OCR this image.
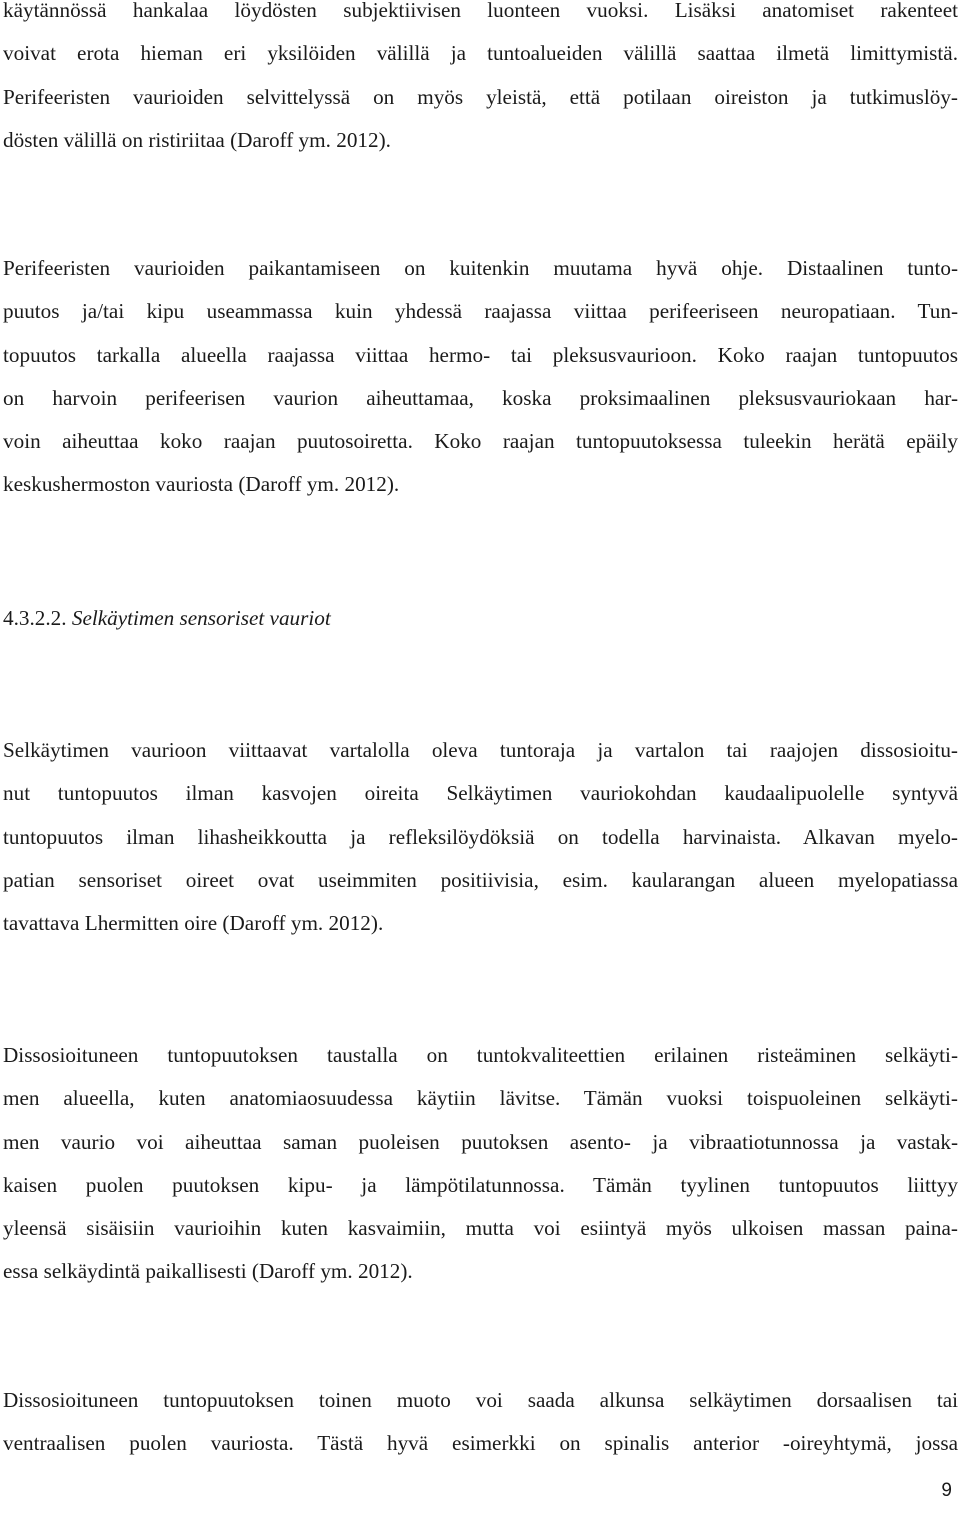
käytännössä hankalaa löydösten subjektiivisen luonteen vuoksi. Lisäksi anatomiset rakenteet
voivat erota hieman eri yksilöiden välillä ja tuntoalueiden välillä saattaa ilmetä limittymistä.
Perifeeristen vaurioiden selvittelyssä on myös yleistä, että potilaan oireiston ja tutkimuslöy-
dösten välillä on ristiriitaa (Daroff ym. 2012).
Perifeeristen vaurioiden paikantamiseen on kuitenkin muutama hyvä ohje. Distaalinen tunto-
puutos ja/tai kipu useammassa kuin yhdessä raajassa viittaa perifeeriseen neuropatiaan. Tun-
topuutos tarkalla alueella raajassa viittaa hermo- tai pleksusvaurioon. Koko raajan tuntopuutos
on harvoin perifeerisen vaurion aiheuttamaa, koska proksimaalinen pleksusvauriokaan har-
voin aiheuttaa koko raajan puutosoiretta. Koko raajan tuntopuutoksessa tuleekin herätä epäily
keskushermoston vauriosta (Daroff ym. 2012).
4.3.2.2. Selkäytimen sensoriset vauriot
Selkäytimen vaurioon viittaavat vartalolla oleva tuntoraja ja vartalon tai raajojen dissosioitu-
nut tuntopuutos ilman kasvojen oireita Selkäytimen vauriokohdan kaudaalipuolelle syntyvä
tuntopuutos ilman lihasheikkoutta ja refleksilöydöksiä on todella harvinaista. Alkavan myelo-
patian sensoriset oireet ovat useimmiten positiivisia, esim. kaularangan alueen myelopatiassa
tavattava Lhermitten oire (Daroff ym. 2012).
Dissosioituneen tuntopuutoksen taustalla on tuntokvaliteettien erilainen risteäminen selkäyti-
men alueella, kuten anatomiaosuudessa käytiin lävitse. Tämän vuoksi toispuoleinen selkäyti-
men vaurio voi aiheuttaa saman puoleisen puutoksen asento- ja vibraatiotunnossa ja vastak-
kaisen puolen puutoksen kipu- ja lämpötilatunnossa. Tämän tyylinen tuntopuutos liittyy
yleensä sisäisiin vaurioihin kuten kasvaimiin, mutta voi esiintyä myös ulkoisen massan paina-
essa selkäydintä paikallisesti (Daroff ym. 2012).
Dissosioituneen tuntopuutoksen toinen muoto voi saada alkunsa selkäytimen dorsaalisen tai
ventraalisen puolen vauriosta. Tästä hyvä esimerkki on spinalis anterior -oireyhtymä, jossa
9
